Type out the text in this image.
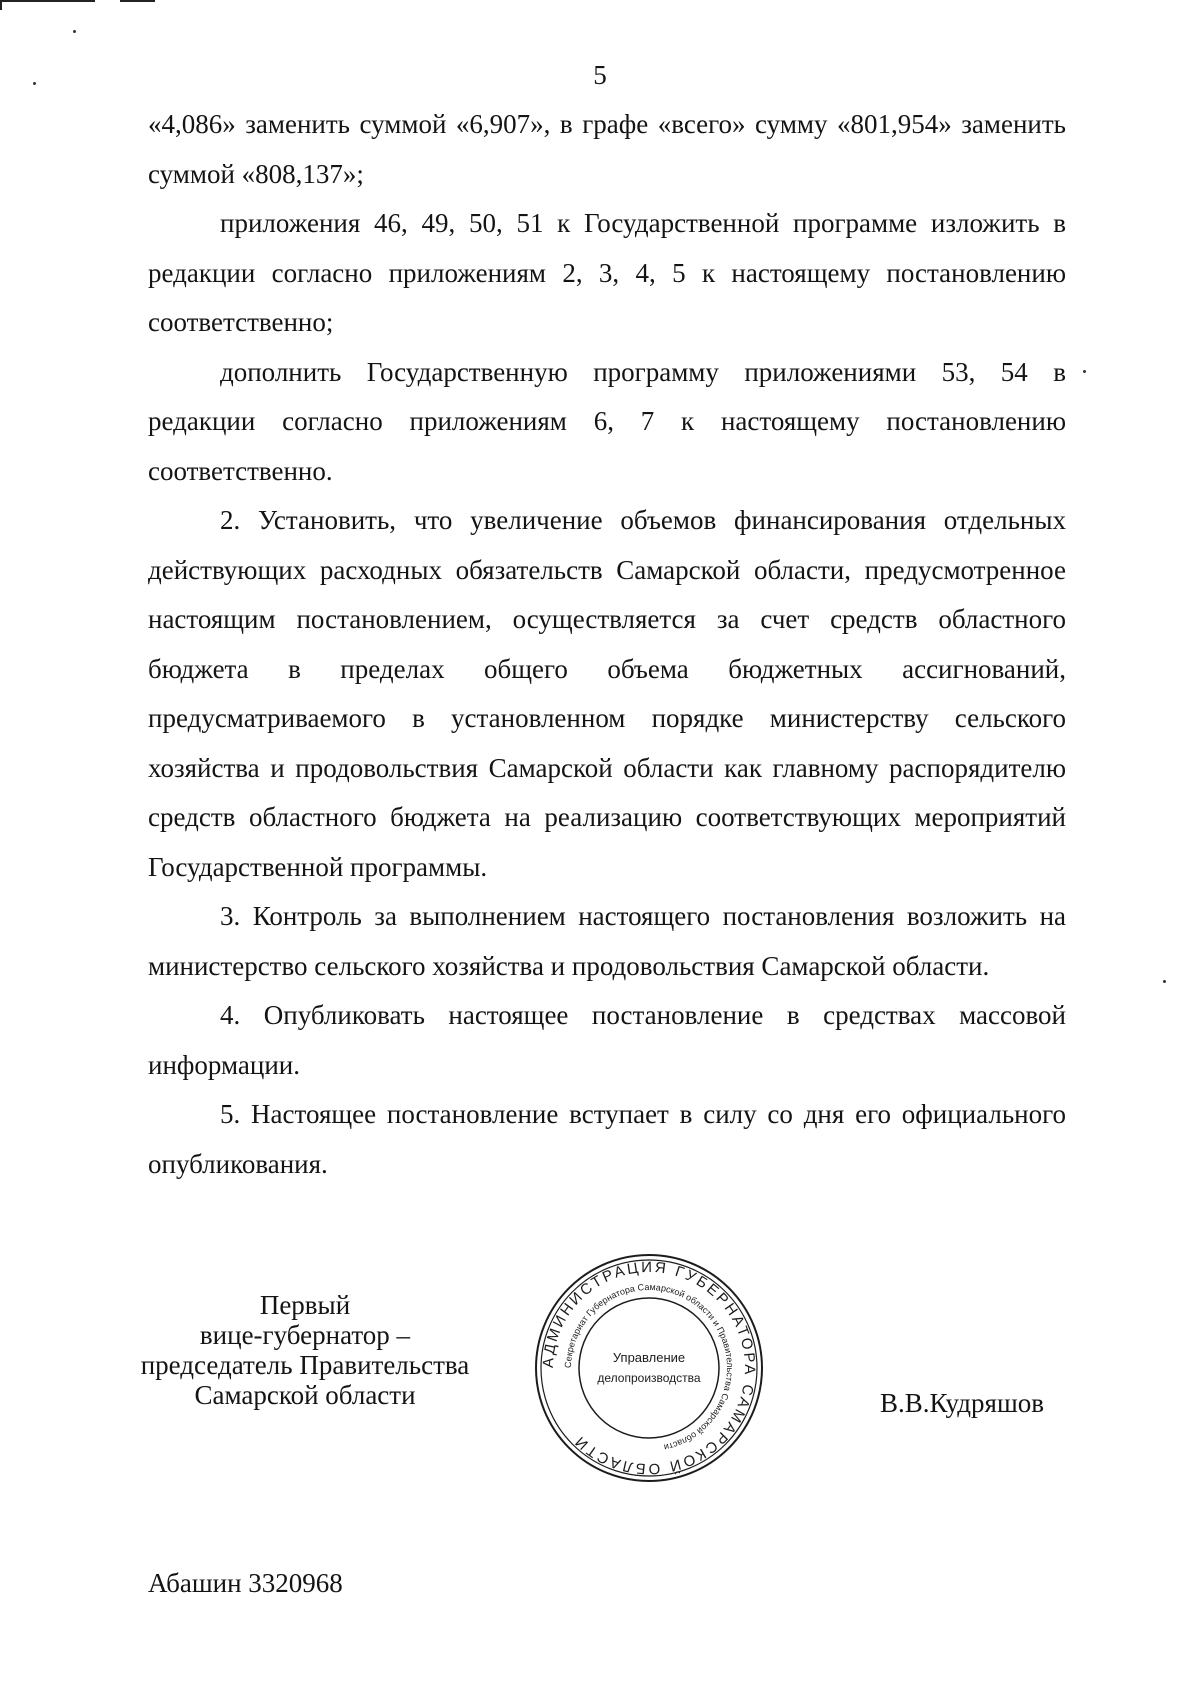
5

«4,086» заменить суммой «6,907», в графе «всего» сумму «801,954» заменить суммой «808,137»;

приложения 46, 49, 50, 51 к Государственной программе изложить в редакции согласно приложениям 2, 3, 4, 5 к настоящему постановлению соответственно;

дополнить Государственную программу приложениями 53, 54 в редакции согласно приложениям 6, 7 к настоящему постановлению соответственно.

2. Установить, что увеличение объемов финансирования отдельных действующих расходных обязательств Самарской области, предусмотренное настоящим постановлением, осуществляется за счет средств областного бюджета в пределах общего объема бюджетных ассигнований, предусматриваемого в установленном порядке министерству сельского хозяйства и продовольствия Самарской области как главному распорядителю средств областного бюджета на реализацию соответствующих мероприятий Государственной программы.

3. Контроль за выполнением настоящего постановления возложить на министерство сельского хозяйства и продовольствия Самарской области.

4. Опубликовать настоящее постановление в средствах массовой информации.

5. Настоящее постановление вступает в силу со дня его официального опубликования.

Первый
вице-губернатор –
председатель Правительства
Самарской области
АДМИНИСТРАЦИЯ ГУБЕРНАТОРА САМАРСКОЙ ОБЛАСТИ
Секретариат Губернатора Самарской области и Правительства Самарской области
Управление
делопроизводства
В.В.Кудряшов
Абашин 3320968
